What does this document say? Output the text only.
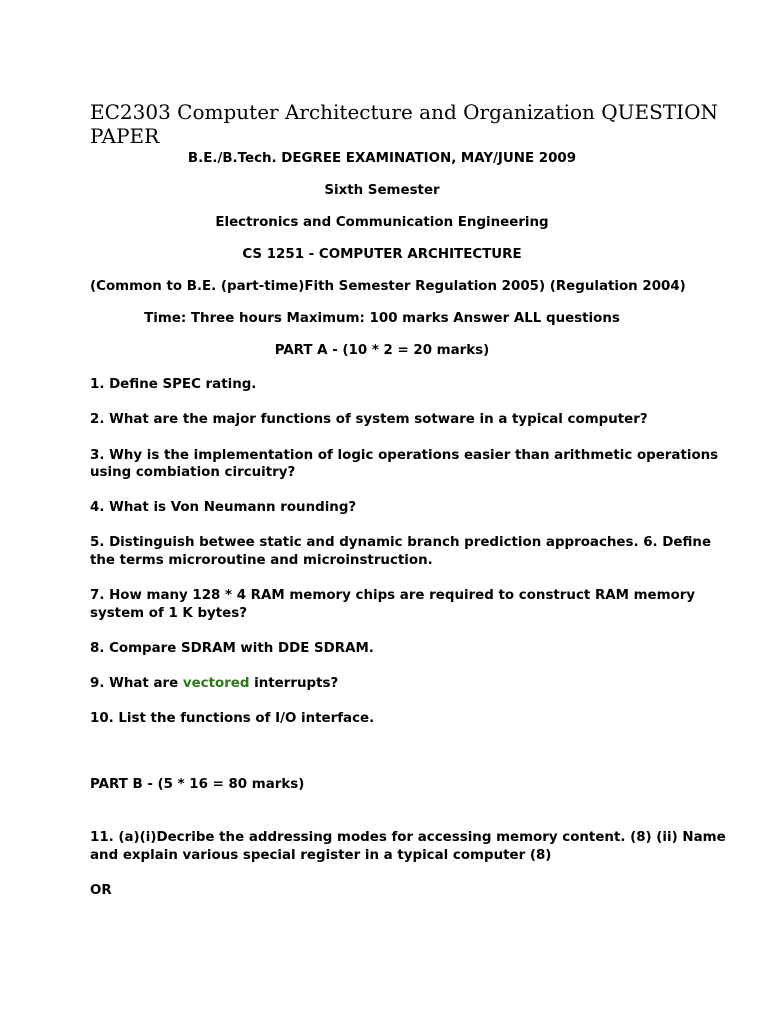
EC2303 Computer Architecture and Organization QUESTION PAPER

B.E./B.Tech. DEGREE EXAMINATION, MAY/JUNE 2009

Sixth Semester

Electronics and Communication Engineering

CS 1251 - COMPUTER ARCHITECTURE

(Common to B.E. (part-time)Fith Semester Regulation 2005) (Regulation 2004)

Time: Three hours Maximum: 100 marks Answer ALL questions

PART A - (10 * 2 = 20 marks)

1. Define SPEC rating.

2. What are the major functions of system sotware in a typical computer?

3. Why is the implementation of logic operations easier than arithmetic operations

using combiation circuitry?

4. What is Von Neumann rounding?

5. Distinguish betwee static and dynamic branch prediction approaches. 6. Define

the terms microroutine and microinstruction.

7. How many 128 * 4 RAM memory chips are required to construct RAM memory

system of 1 K bytes?

8. Compare SDRAM with DDE SDRAM.

9. What are vectored interrupts?

10. List the functions of I/O interface.

PART B - (5 * 16 = 80 marks)

11. (a)(i)Decribe the addressing modes for accessing memory content. (8) (ii) Name

and explain various special register in a typical computer (8)

OR
